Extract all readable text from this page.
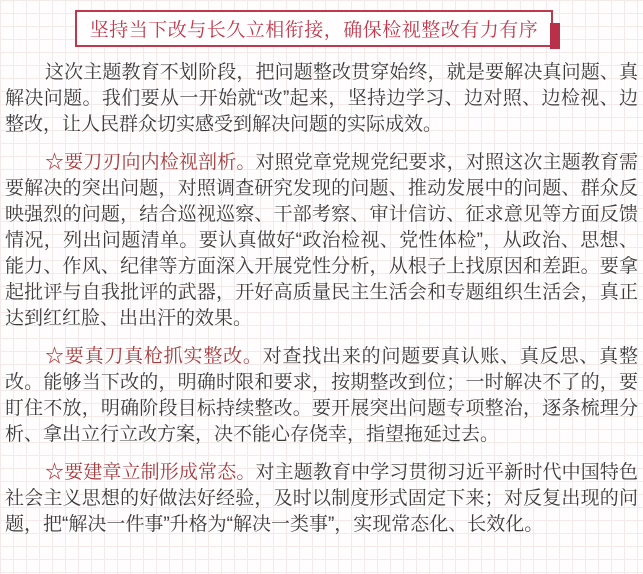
坚持当下改与长久立相衔接，确保检视整改有力有序

这次主题教育不划阶段，把问题整改贯穿始终，就是要解决真问题、真解决问题。我们要从一开始就“改”起来，坚持边学习、边对照、边检视、边整改，让人民群众切实感受到解决问题的实际成效。

☆要刀刃向内检视剖析。对照党章党规党纪要求，对照这次主题教育需要解决的突出问题，对照调查研究发现的问题、推动发展中的问题、群众反映强烈的问题，结合巡视巡察、干部考察、审计信访、征求意见等方面反馈情况，列出问题清单。要认真做好“政治检视、党性体检”，从政治、思想、能力、作风、纪律等方面深入开展党性分析，从根子上找原因和差距。要拿起批评与自我批评的武器，开好高质量民主生活会和专题组织生活会，真正达到红红脸、出出汗的效果。

☆要真刀真枪抓实整改。对查找出来的问题要真认账、真反思、真整改。能够当下改的，明确时限和要求，按期整改到位；一时解决不了的，要盯住不放，明确阶段目标持续整改。要开展突出问题专项整治，逐条梳理分析、拿出立行立改方案，决不能心存侥幸，指望拖延过去。

☆要建章立制形成常态。对主题教育中学习贯彻习近平新时代中国特色社会主义思想的好做法好经验，及时以制度形式固定下来；对反复出现的问题，把“解决一件事”升格为“解决一类事”，实现常态化、长效化。
